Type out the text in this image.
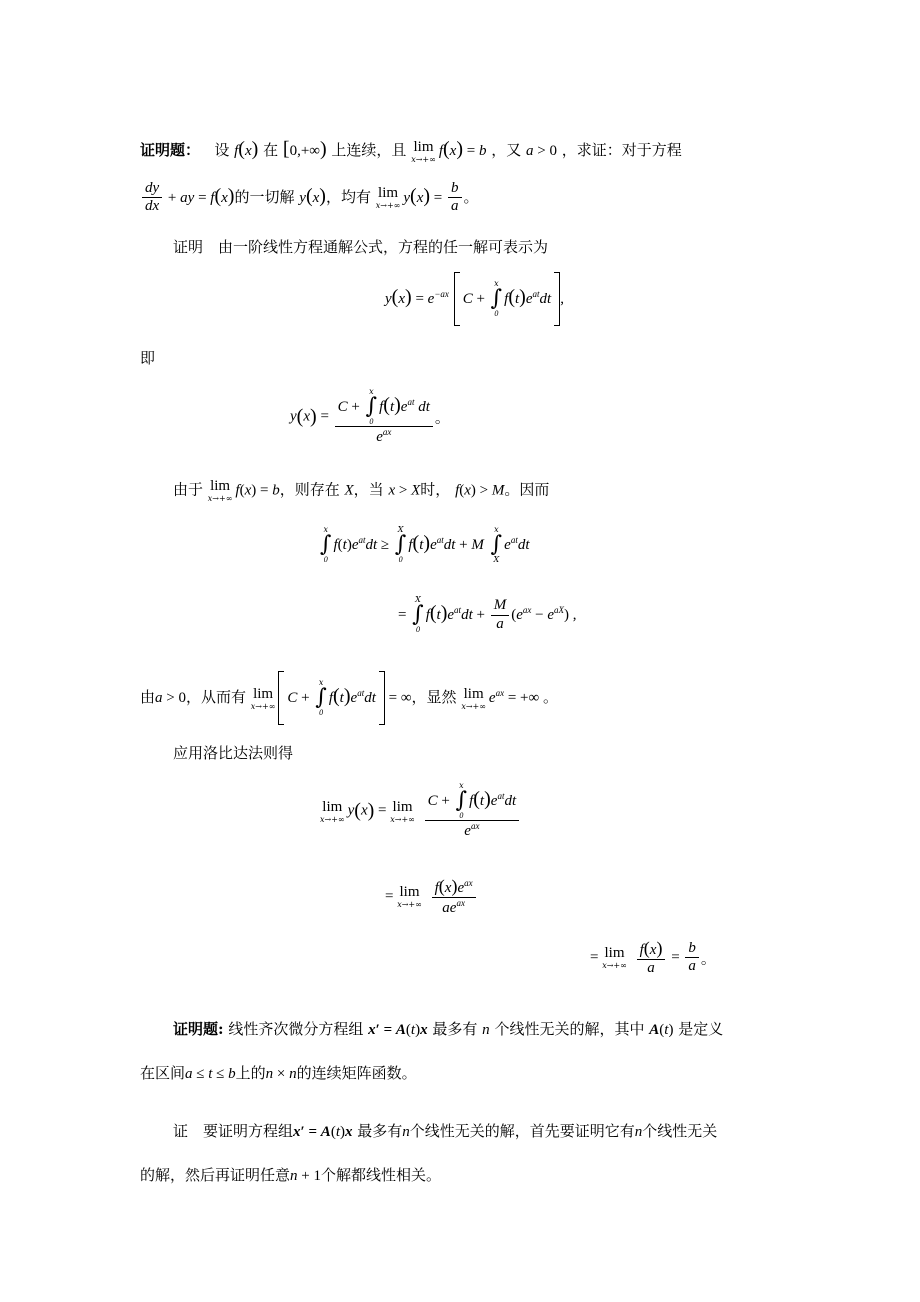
证明题： 设 f(x) 在 [0,+∞) 上连续，且 lim
x→+∞ f(x) = b ，又 a > 0 ，求证：对于方程
$\frac{dy}{dx}$ + ay = f(x)的一切解 y(x)，均有 lim
x→+∞ $y(x) = \frac{b}{a}$ 。
证明　由一阶线性方程通解公式，方程的任一解可表示为
$y(x) = e^{-ax}$ C +
x
∫
0
$f(t)e^{at}dt$ ,
即
y(x) = C +
x
∫
0
$f(t)e^{at}$ dt
$e^{ax}$ 。
由于 lim
x→+∞ f(x) = b，则存在 X，当 x > X时， f(x) > M。因而
x
∫
0
$f(t)e^{at}dt$ ≥
X
∫
0
$f(t)e^{at}dt + M$
x
∫
X
$e^{at}dt$
=
X
∫
0
$f(t)e^{at}dt + \frac{M}{a} (e^{ax} - e^{aX})$ ,
由a > 0，从而有 lim
x→+∞ C +
x
∫
0
$f(t)e^{at}dt$ = ∞，显然 lim
x→+∞ $e^{ax}$ = +∞ 。
应用洛比达法则得
lim
x→+∞
y(x) = lim
x→+∞
C +
x
∫
0
$f(t)e^{at}dt$
$e^{ax}$
= lim
x→+∞
$\frac{f(x)e^{ax}}{ae^{ax}}$
= lim
x→+∞
$\frac{f(x)}{a} = \frac{b}{a}$ 。
证明题: 线性齐次微分方程组 x′ = A(t)x 最多有 n 个线性无关的解，其中 A(t) 是定义
在区间a ≤ t ≤ b上的n × n的连续矩阵函数。
证　要证明方程组x′ = A(t)x 最多有n个线性无关的解，首先要证明它有n个线性无关
的解，然后再证明任意n + 1个解都线性相关。
